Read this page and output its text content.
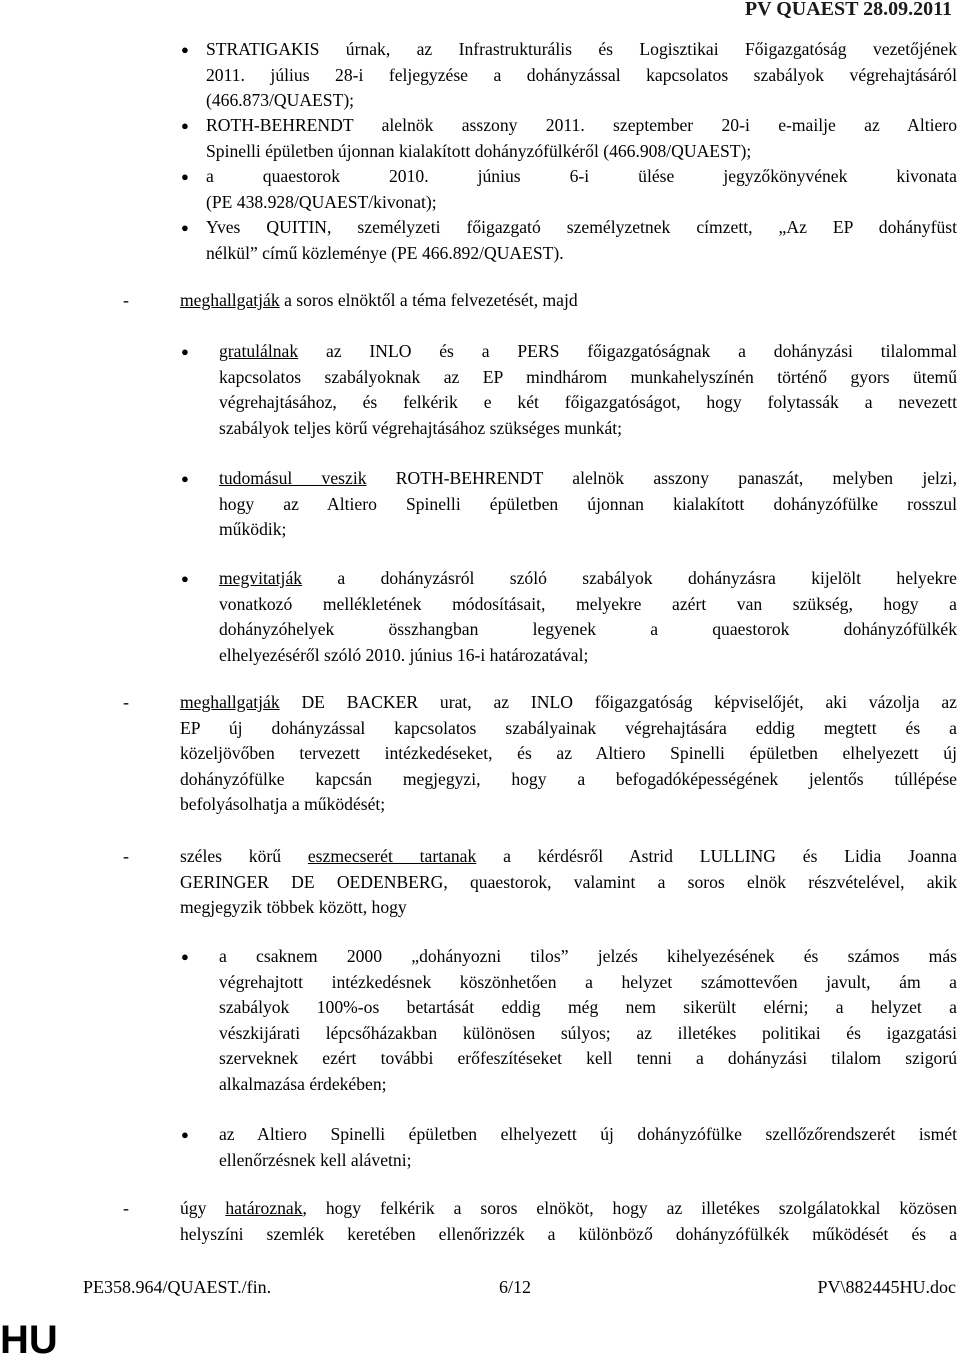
PV QUAEST 28.09.2011
● STRATIGAKIS úrnak, az Infrastrukturális és Logisztikai Főigazgatóság vezetőjének
2011. július 28-i feljegyzése a dohányzással kapcsolatos szabályok végrehajtásáról
(466.873/QUAEST);
● ROTH-BEHRENDT alelnök asszony 2011. szeptember 20-i e-mailje az Altiero
Spinelli épületben újonnan kialakított dohányzófülkéről (466.908/QUAEST);
● a quaestorok 2010. június 6-i ülése jegyzőkönyvének kivonata
(PE 438.928/QUAEST/kivonat);
● Yves QUITIN, személyzeti főigazgató személyzetnek címzett, „Az EP dohányfüst
nélkül” című közleménye (PE 466.892/QUAEST).
-	meghallgatják a soros elnöktől a téma felvezetését, majd
● gratulálnak az INLO és a PERS főigazgatóságnak a dohányzási tilalommal
kapcsolatos szabályoknak az EP mindhárom munkahelyszínén történő gyors ütemű
végrehajtásához, és felkérik e két főigazgatóságot, hogy folytassák a nevezett
szabályok teljes körű végrehajtásához szükséges munkát;
● tudomásul veszik ROTH-BEHRENDT alelnök asszony panaszát, melyben jelzi,
hogy az Altiero Spinelli épületben újonnan kialakított dohányzófülke rosszul
működik;
● megvitatják a dohányzásról szóló szabályok dohányzásra kijelölt helyekre
vonatkozó mellékletének módosításait, melyekre azért van szükség, hogy a
dohányzóhelyek összhangban legyenek a quaestorok dohányzófülkék
elhelyezéséről szóló 2010. június 16-i határozatával;
-	meghallgatják DE BACKER urat, az INLO főigazgatóság képviselőjét, aki vázolja az
EP új dohányzással kapcsolatos szabályainak végrehajtására eddig megtett és a
közeljövőben tervezett intézkedéseket, és az Altiero Spinelli épületben elhelyezett új
dohányzófülke kapcsán megjegyzi, hogy a befogadóképességének jelentős túllépése
befolyásolhatja a működését;
-	széles körű eszmecserét tartanak a kérdésről Astrid LULLING és Lidia Joanna
GERINGER DE OEDENBERG, quaestorok, valamint a soros elnök részvételével, akik
megjegyzik többek között, hogy
● a csaknem 2000 „dohányozni tilos” jelzés kihelyezésének és számos más
végrehajtott intézkedésnek köszönhetően a helyzet számottevően javult, ám a
szabályok 100%-os betartását eddig még nem sikerült elérni; a helyzet a
vészkijárati lépcsőházakban különösen súlyos; az illetékes politikai és igazgatási
szerveknek ezért további erőfeszítéseket kell tenni a dohányzási tilalom szigorú
alkalmazása érdekében;
● az Altiero Spinelli épületben elhelyezett új dohányzófülke szellőzőrendszerét ismét
ellenőrzésnek kell alávetni;
-	úgy határoznak, hogy felkérik a soros elnököt, hogy az illetékes szolgálatokkal közösen
helyszíni szemlék keretében ellenőrizzék a különböző dohányzófülkék működését és a
PE358.964/QUAEST./fin.	6/12	PV\882445HU.doc
HU
